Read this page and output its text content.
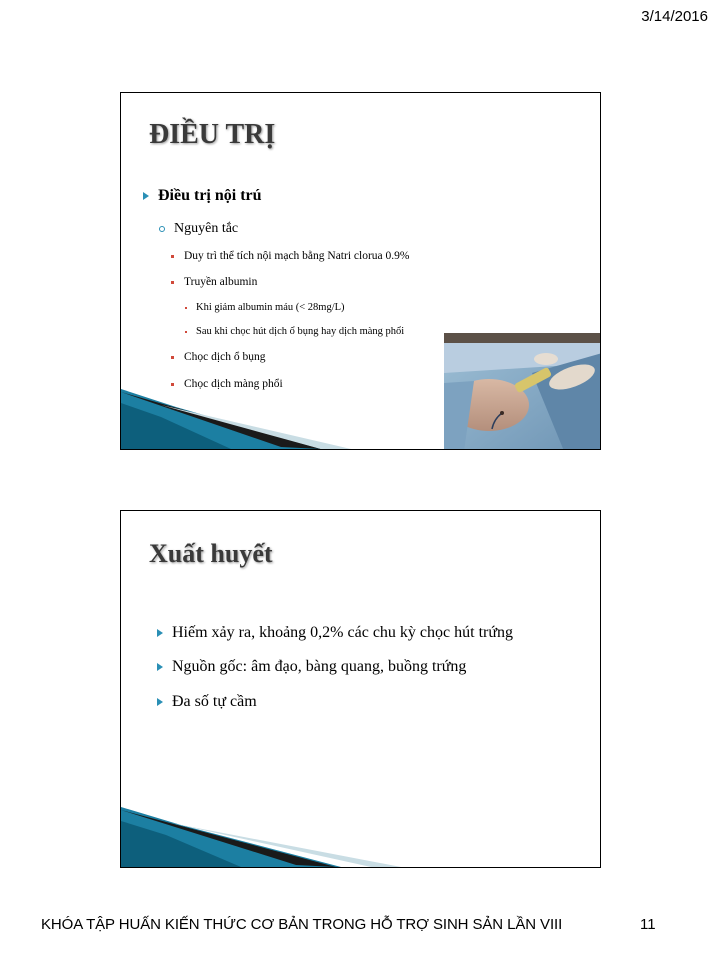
3/14/2016
ĐIỀU TRỊ
Điều trị nội trú
Nguyên tắc
Duy trì thể tích nội mạch bằng Natri clorua 0.9%
Truyền albumin
Khi giảm albumin máu (< 28mg/L)
Sau khi chọc hút dịch ổ bụng hay dịch màng phổi
Chọc dịch ổ bụng
Chọc dịch màng phổi
Xuất huyết
Hiếm xảy ra, khoảng 0,2% các chu kỳ chọc hút trứng
Nguồn gốc: âm đạo, bàng quang, buồng trứng
Đa số tự cầm
KHÓA TẬP HUẤN KIẾN THỨC CƠ BẢN TRONG HỖ TRỢ SINH SẢN LẦN VIII	11
